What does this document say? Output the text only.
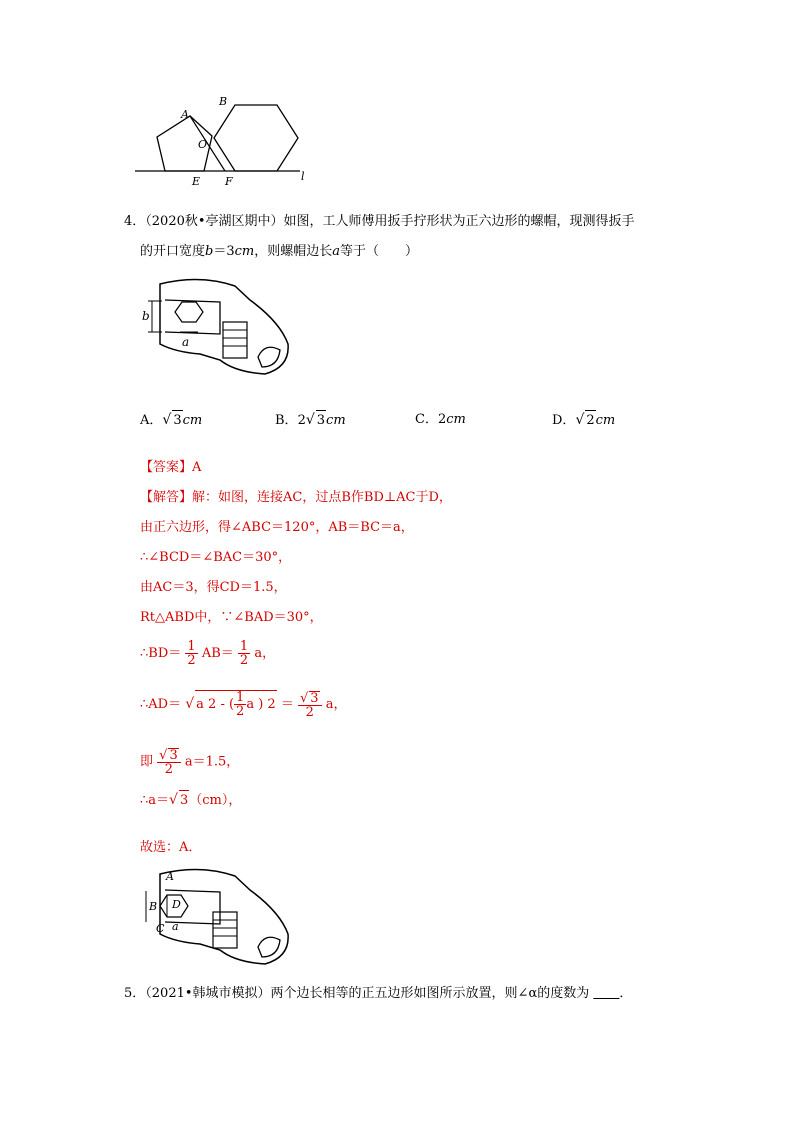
A
B
O
E F	l
4．（2020秋•亭湖区期中）如图，工人师傅用扳手拧形状为正六边形的螺帽，现测得扳手
的开口宽度b＝3cm，则螺帽边长a等于（　　）
b
a
A．√ 3cm	B．2√ 3cm	C．2cm	D．√ 2cm
【答案】A
【解答】解：如图，连接AC，过点B作BD⊥AC于D，
由正六边形，得∠ABC＝120°，AB＝BC＝a，
∴∠BCD＝∠BAC＝30°，
由AC＝3，得CD＝1.5，
Rt△ABD中，∵∠BAD＝30°，
∴BD＝ $\frac{1}{2} AB= \frac{1}{2}$ a，
∴AD＝ √ a 2 - ( $\frac{1}{2}$ a ) $2 = \frac{√ 3}{2}$ a，
即 $\frac{√ 3}{2} a=1.5$，
∴a＝√ 3（cm），
故选：A．
A
B D
C a
5．（2021•韩城市模拟）两个边长相等的正五边形如图所示放置，则∠α的度数为 ＿＿．
